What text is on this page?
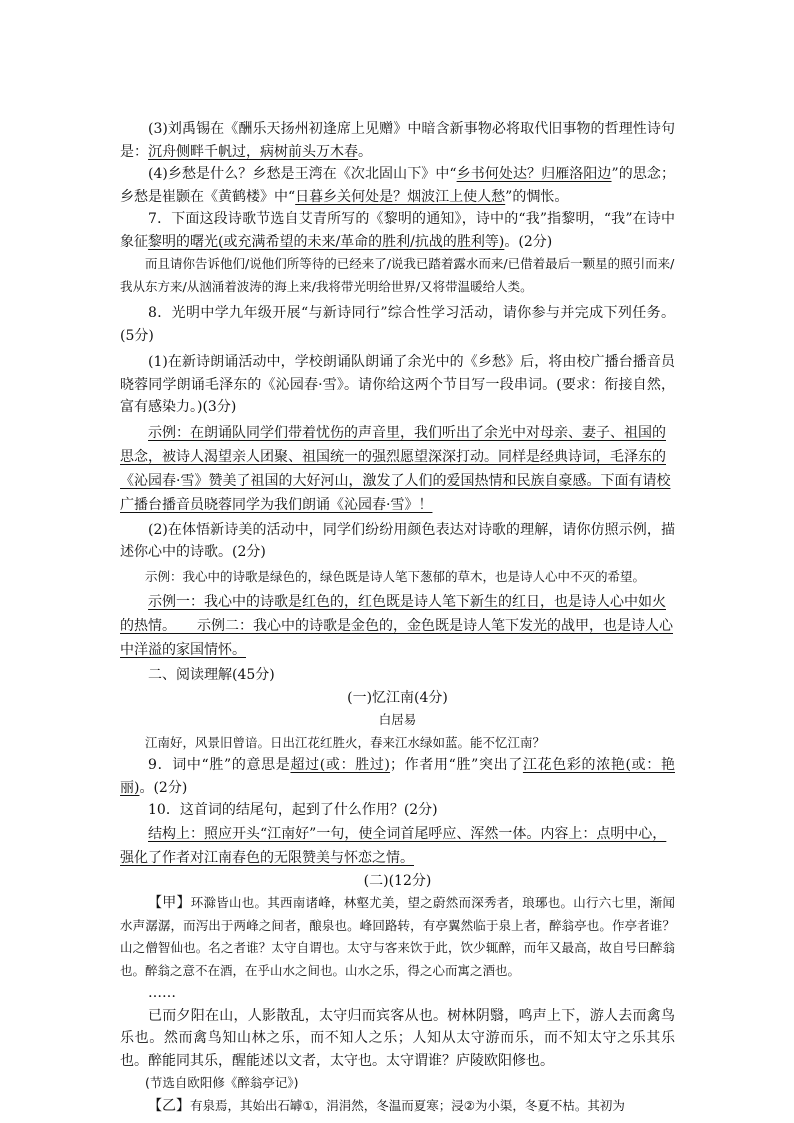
(3)刘禹锡在《酬乐天扬州初逢席上见赠》中暗含新事物必将取代旧事物的哲理性诗句是：沉舟侧畔千帆过，病树前头万木春。

(4)乡愁是什么？乡愁是王湾在《次北固山下》中“乡书何处达？归雁洛阳边”的思念；乡愁是崔颢在《黄鹤楼》中“日暮乡关何处是？烟波江上使人愁”的惆怅。

7．下面这段诗歌节选自艾青所写的《黎明的通知》，诗中的“我”指黎明，“我”在诗中象征黎明的曙光(或充满希望的未来/革命的胜利/抗战的胜利等)。(2分)

而且请你告诉他们/说他们所等待的已经来了/说我已踏着露水而来/已借着最后一颗星的照引而来/我从东方来/从汹涌着波涛的海上来/我将带光明给世界/又将带温暖给人类。

8．光明中学九年级开展“与新诗同行”综合性学习活动，请你参与并完成下列任务。(5分)

(1)在新诗朗诵活动中，学校朗诵队朗诵了余光中的《乡愁》后，将由校广播台播音员晓蓉同学朗诵毛泽东的《沁园春·雪》。请你给这两个节目写一段串词。(要求：衔接自然，富有感染力。)(3分)

示例：在朗诵队同学们带着忧伤的声音里，我们听出了余光中对母亲、妻子、祖国的思念，被诗人渴望亲人团聚、祖国统一的强烈愿望深深打动。同样是经典诗词，毛泽东的《沁园春·雪》赞美了祖国的大好河山，激发了人们的爱国热情和民族自豪感。下面有请校广播台播音员晓蓉同学为我们朗诵《沁园春·雪》！

(2)在体悟新诗美的活动中，同学们纷纷用颜色表达对诗歌的理解，请你仿照示例，描述你心中的诗歌。(2分)

示例：我心中的诗歌是绿色的，绿色既是诗人笔下葱郁的草木，也是诗人心中不灭的希望。

示例一：我心中的诗歌是红色的，红色既是诗人笔下新生的红日，也是诗人心中如火的热情。　　示例二：我心中的诗歌是金色的，金色既是诗人笔下发光的战甲，也是诗人心中洋溢的家国情怀。

二、阅读理解(45分)

(一)忆江南(4分)

白居易

江南好，风景旧曾谙。日出江花红胜火，春来江水绿如蓝。能不忆江南？

9．词中“胜”的意思是超过(或：胜过)；作者用“胜”突出了江花色彩的浓艳(或：艳丽)。(2分)

10．这首词的结尾句，起到了什么作用？(2分)

结构上：照应开头“江南好”一句，使全词首尾呼应、浑然一体。内容上：点明中心，强化了作者对江南春色的无限赞美与怀恋之情。

(二)(12分)

【甲】环滁皆山也。其西南诸峰，林壑尤美，望之蔚然而深秀者，琅琊也。山行六七里，渐闻水声潺潺，而泻出于两峰之间者，酿泉也。峰回路转，有亭翼然临于泉上者，醉翁亭也。作亭者谁？山之僧智仙也。名之者谁？太守自谓也。太守与客来饮于此，饮少辄醉，而年又最高，故自号曰醉翁也。醉翁之意不在酒，在乎山水之间也。山水之乐，得之心而寓之酒也。

……

已而夕阳在山，人影散乱，太守归而宾客从也。树林阴翳，鸣声上下，游人去而禽鸟乐也。然而禽鸟知山林之乐，而不知人之乐；人知从太守游而乐，而不知太守之乐其乐也。醉能同其乐，醒能述以文者，太守也。太守谓谁？庐陵欧阳修也。

(节选自欧阳修《醉翁亭记》)

【乙】有泉焉，其始出石罅①，涓涓然，冬温而夏寒；浸②为小渠，冬夏不枯。其初为
